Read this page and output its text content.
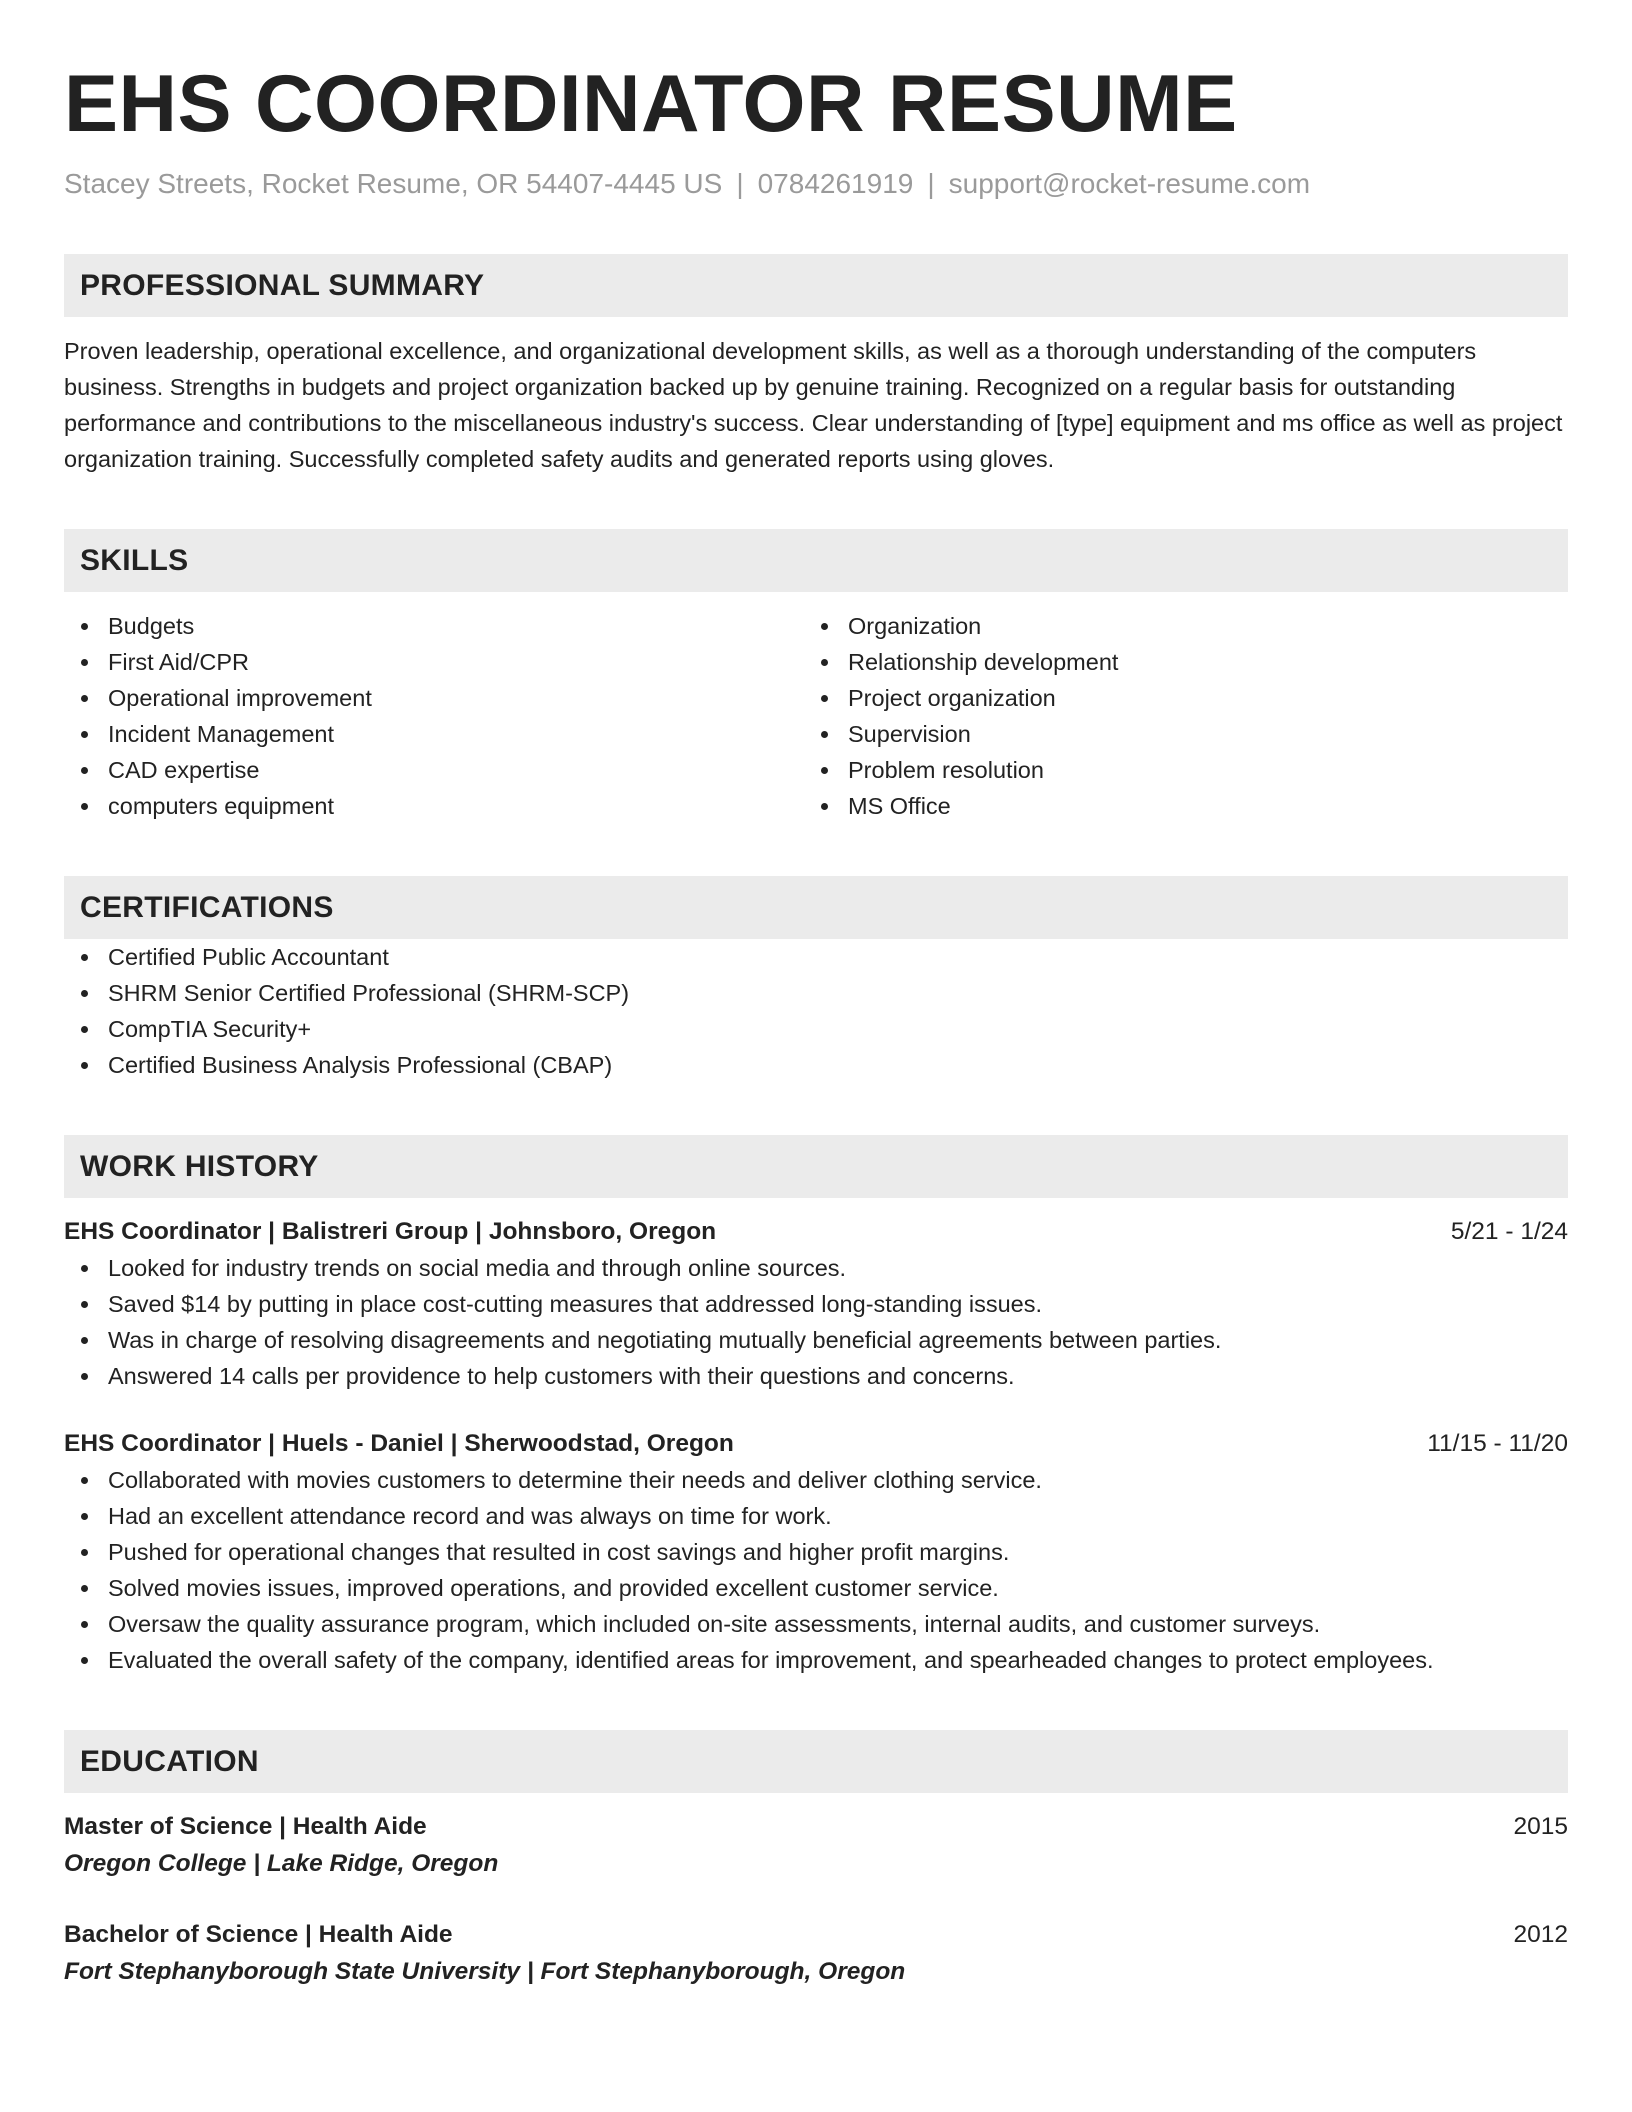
EHS COORDINATOR RESUME
Stacey Streets, Rocket Resume, OR 54407-4445 US | 0784261919 | support@rocket-resume.com
PROFESSIONAL SUMMARY

Proven leadership, operational excellence, and organizational development skills, as well as a thorough understanding of the computers business. Strengths in budgets and project organization backed up by genuine training. Recognized on a regular basis for outstanding performance and contributions to the miscellaneous industry's success. Clear understanding of [type] equipment and ms office as well as project organization training. Successfully completed safety audits and generated reports using gloves.

SKILLS
Budgets
First Aid/CPR
Operational improvement
Incident Management
CAD expertise
computers equipment
Organization
Relationship development
Project organization
Supervision
Problem resolution
MS Office
CERTIFICATIONS
Certified Public Accountant
SHRM Senior Certified Professional (SHRM-SCP)
CompTIA Security+
Certified Business Analysis Professional (CBAP)
WORK HISTORY
EHS Coordinator | Balistreri Group | Johnsboro, Oregon	5/21 - 1/24
Looked for industry trends on social media and through online sources.
Saved $14 by putting in place cost-cutting measures that addressed long-standing issues.
Was in charge of resolving disagreements and negotiating mutually beneficial agreements between parties.
Answered 14 calls per providence to help customers with their questions and concerns.
EHS Coordinator | Huels - Daniel | Sherwoodstad, Oregon	11/15 - 11/20
Collaborated with movies customers to determine their needs and deliver clothing service.
Had an excellent attendance record and was always on time for work.
Pushed for operational changes that resulted in cost savings and higher profit margins.
Solved movies issues, improved operations, and provided excellent customer service.
Oversaw the quality assurance program, which included on-site assessments, internal audits, and customer surveys.
Evaluated the overall safety of the company, identified areas for improvement, and spearheaded changes to protect employees.
EDUCATION
Master of Science | Health Aide	2015
Oregon College | Lake Ridge, Oregon
Bachelor of Science | Health Aide	2012
Fort Stephanyborough State University | Fort Stephanyborough, Oregon
